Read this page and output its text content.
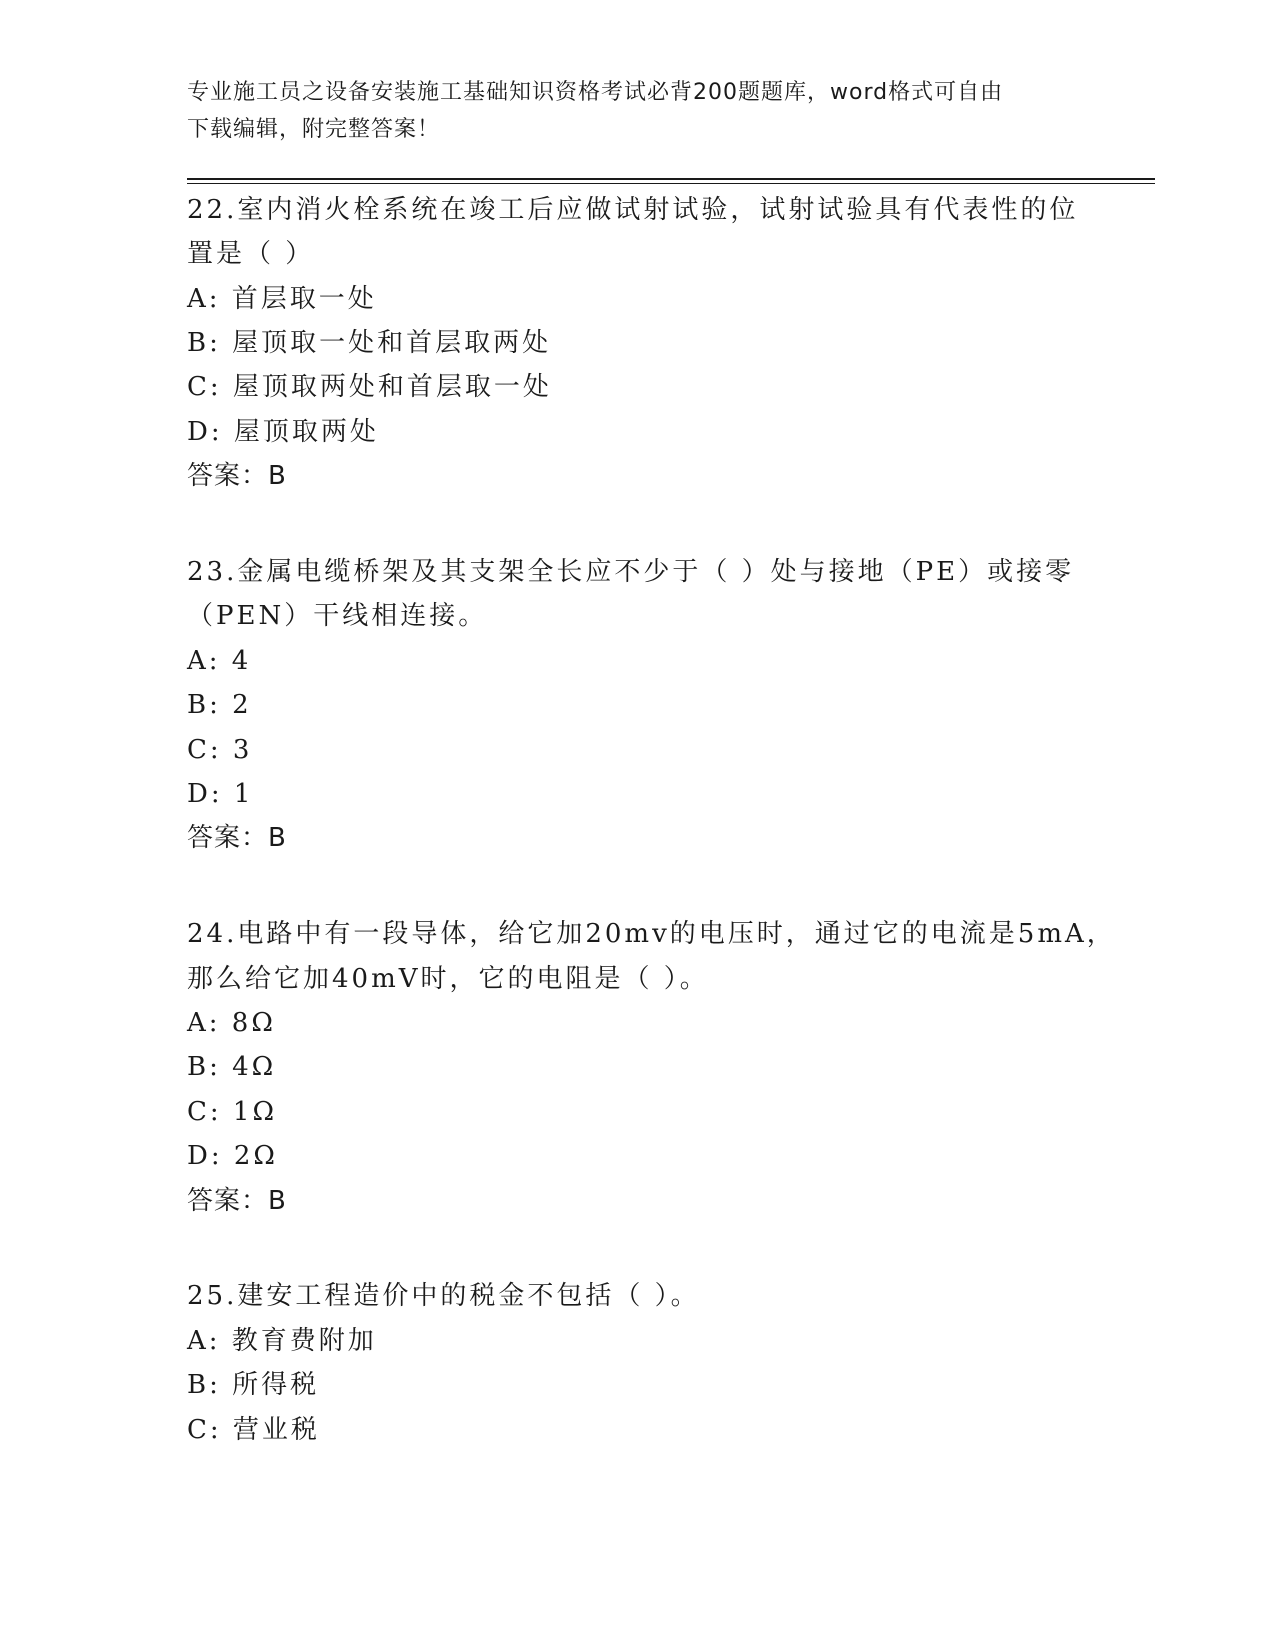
专业施工员之设备安装施工基础知识资格考试必背200题题库，word格式可自由
下载编辑，附完整答案！
22.室内消火栓系统在竣工后应做试射试验，试射试验具有代表性的位
置是（ ）
A: 首层取一处
B: 屋顶取一处和首层取两处
C: 屋顶取两处和首层取一处
D: 屋顶取两处
答案：B
23.金属电缆桥架及其支架全长应不少于（ ）处与接地（PE）或接零
（PEN）干线相连接。
A: 4
B: 2
C: 3
D: 1
答案：B
24.电路中有一段导体，给它加20mv的电压时，通过它的电流是5mA，
那么给它加40mV时，它的电阻是（ ）。
A: 8Ω
B: 4Ω
C: 1Ω
D: 2Ω
答案：B
25.建安工程造价中的税金不包括（ ）。
A: 教育费附加
B: 所得税
C: 营业税
